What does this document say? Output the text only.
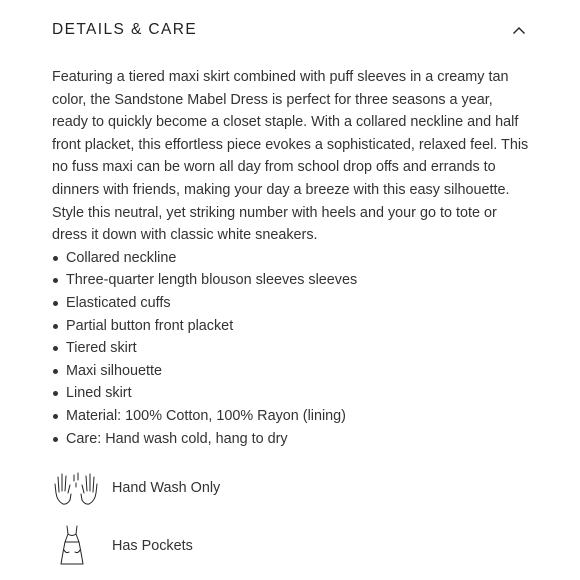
DETAILS & CARE

Featuring a tiered maxi skirt combined with puff sleeves in a creamy tan color, the Sandstone Mabel Dress is perfect for three seasons a year, ready to quickly become a closet staple. With a collared neckline and half front placket, this effortless piece evokes a sophisticated, relaxed feel. This no fuss maxi can be worn all day from school drop offs and errands to dinners with friends, making your day a breeze with this easy silhouette. Style this neutral, yet striking number with heels and your go to tote or dress it down with classic white sneakers.

Collared neckline
Three-quarter length blouson sleeves sleeves
Elasticated cuffs
Partial button front placket
Tiered skirt
Maxi silhouette
Lined skirt
Material: 100% Cotton, 100% Rayon (lining)
Care: Hand wash cold, hang to dry
Hand Wash Only
Has Pockets
